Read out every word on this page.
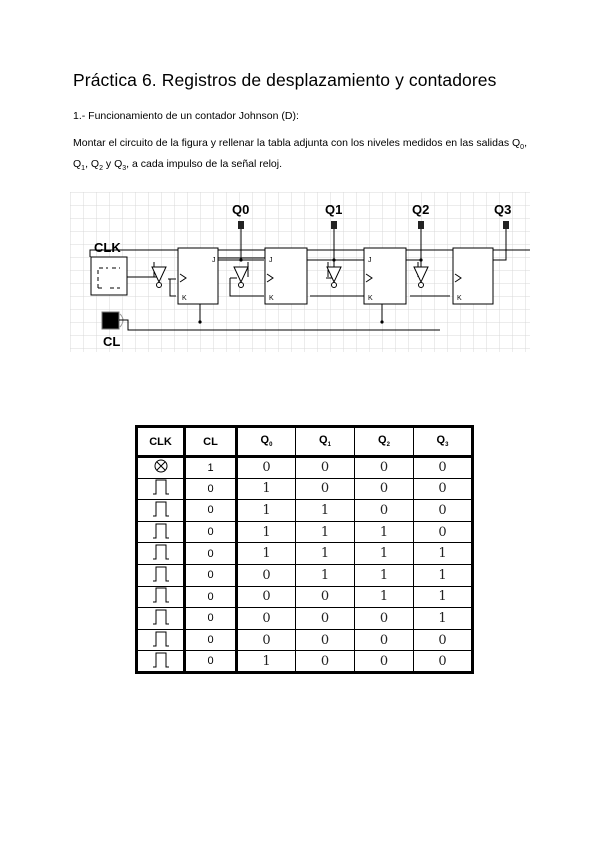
Práctica 6. Registros de desplazamiento y contadores
1.- Funcionamiento de un contador Johnson (D):
Montar el circuito de la figura y rellenar la tabla adjunta con los niveles medidos en las salidas $Q_0$, $Q_1$, $Q_2$ y $Q_3$, a cada impulso de la señal reloj.
CLK
CL
Q0	Q1	Q2	Q3
J
K
J
K
J
K	K
CLK	CL	$Q_0$	$Q_1$	$Q_2$	$Q_3$
	1	0	0	0	0
	0	1	0	0	0
	0	1	1	0	0
	0	1	1	1	0
	0	1	1	1	1
	0	0	1	1	1
	0	0	0	1	1
	0	0	0	0	1
	0	0	0	0	0
	0	1	0	0	0
